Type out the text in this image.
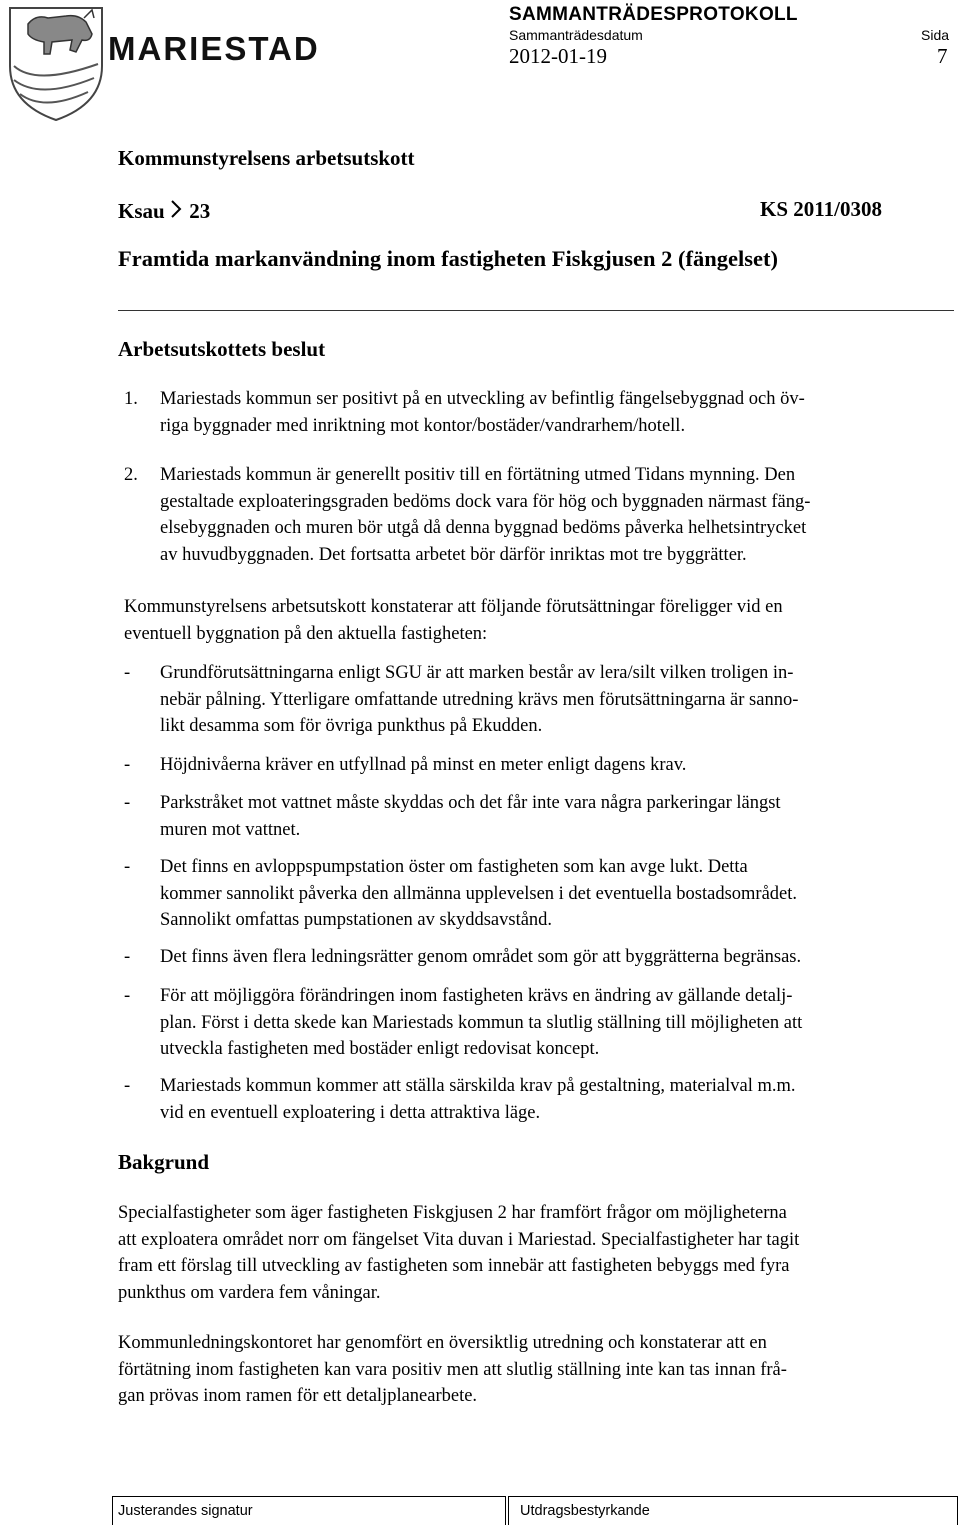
MARIESTAD
SAMMANTRÄDESPROTOKOLL
Sammanträdesdatum	Sida
2012-01-19	7
Kommunstyrelsens arbetsutskott
Ksau 23	KS 2011/0308
Framtida markanvändning inom fastigheten Fiskgjusen 2 (fängelset)
Arbetsutskottets beslut
1. Mariestads kommun ser positivt på en utveckling av befintlig fängelsebyggnad och öv-
riga byggnader med inriktning mot kontor/bostäder/vandrarhem/hotell.
2. Mariestads kommun är generellt positiv till en förtätning utmed Tidans mynning. Den
gestaltade exploateringsgraden bedöms dock vara för hög och byggnaden närmast fäng-
elsebyggnaden och muren bör utgå då denna byggnad bedöms påverka helhetsintrycket
av huvudbyggnaden. Det fortsatta arbetet bör därför inriktas mot tre byggrätter.
Kommunstyrelsens arbetsutskott konstaterar att följande förutsättningar föreligger vid en
eventuell byggnation på den aktuella fastigheten:
- Grundförutsättningarna enligt SGU är att marken består av lera/silt vilken troligen in-
nebär pålning. Ytterligare omfattande utredning krävs men förutsättningarna är sanno-
likt desamma som för övriga punkthus på Ekudden.
- Höjdnivåerna kräver en utfyllnad på minst en meter enligt dagens krav.
- Parkstråket mot vattnet måste skyddas och det får inte vara några parkeringar längst
muren mot vattnet.
- Det finns en avloppspumpstation öster om fastigheten som kan avge lukt. Detta
kommer sannolikt påverka den allmänna upplevelsen i det eventuella bostadsområdet.
Sannolikt omfattas pumpstationen av skyddsavstånd.
- Det finns även flera ledningsrätter genom området som gör att byggrätterna begränsas.
- För att möjliggöra förändringen inom fastigheten krävs en ändring av gällande detalj-
plan. Först i detta skede kan Mariestads kommun ta slutlig ställning till möjligheten att
utveckla fastigheten med bostäder enligt redovisat koncept.
- Mariestads kommun kommer att ställa särskilda krav på gestaltning, materialval m.m.
vid en eventuell exploatering i detta attraktiva läge.
Bakgrund
Specialfastigheter som äger fastigheten Fiskgjusen 2 har framfört frågor om möjligheterna
att exploatera området norr om fängelset Vita duvan i Mariestad. Specialfastigheter har tagit
fram ett förslag till utveckling av fastigheten som innebär att fastigheten bebyggs med fyra
punkthus om vardera fem våningar.
Kommunledningskontoret har genomfört en översiktlig utredning och konstaterar att en
förtätning inom fastigheten kan vara positiv men att slutlig ställning inte kan tas innan frå-
gan prövas inom ramen för ett detaljplanearbete.
Justerandes signatur	Utdragsbestyrkande
